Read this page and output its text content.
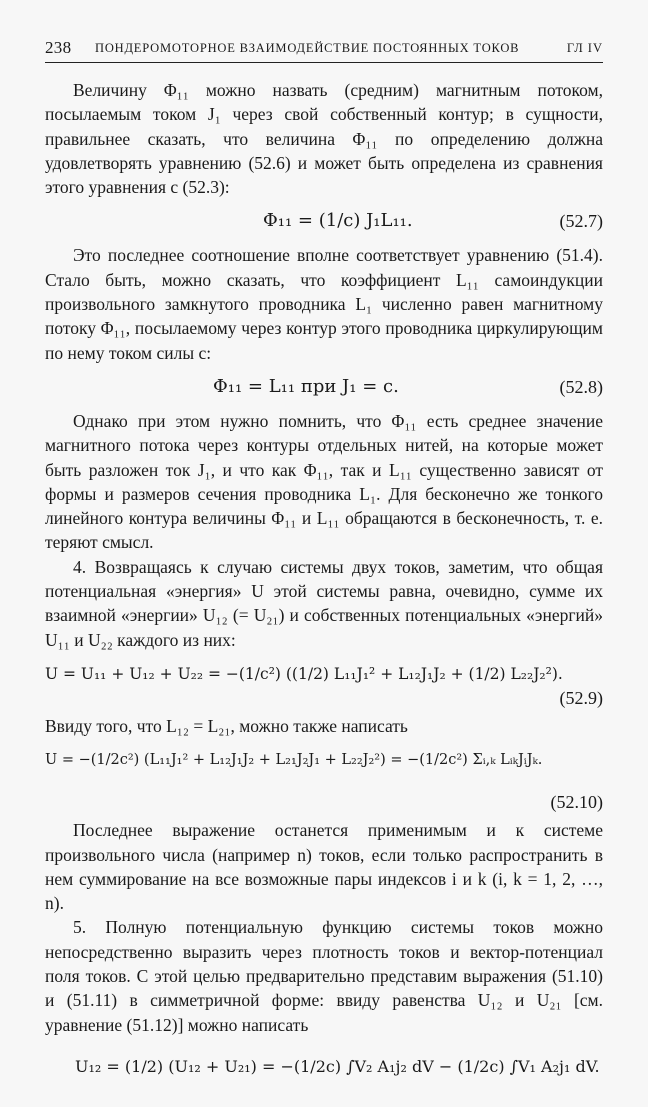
238 ПОНДЕРОМОТОРНОЕ ВЗАИМОДЕЙСТВИЕ ПОСТОЯННЫХ ТОКОВ	ГЛ IV

Величину Φ₁₁ можно назвать (средним) магнитным потоком, посылаемым током J₁ через свой собственный контур; в сущности, правильнее сказать, что величина Φ₁₁ по определению должна удовлетворять уравнению (52.6) и может быть определена из сравнения этого уравнения с (52.3):

Φ₁₁ = (1/c) J₁L₁₁.	(52.7)

Это последнее соотношение вполне соответствует уравнению (51.4). Стало быть, можно сказать, что коэффициент L₁₁ самоиндукции произвольного замкнутого проводника L₁ численно равен магнитному потоку Φ₁₁, посылаемому через контур этого проводника циркулирующим по нему током силы c:

Φ₁₁ = L₁₁ при J₁ = c.	(52.8)

Однако при этом нужно помнить, что Φ₁₁ есть среднее значение магнитного потока через контуры отдельных нитей, на которые может быть разложен ток J₁, и что как Φ₁₁, так и L₁₁ существенно зависят от формы и размеров сечения проводника L₁. Для бесконечно же тонкого линейного контура величины Φ₁₁ и L₁₁ обращаются в бесконечность, т. е. теряют смысл.

4. Возвращаясь к случаю системы двух токов, заметим, что общая потенциальная «энергия» U этой системы равна, очевидно, сумме их взаимной «энергии» U₁₂ (= U₂₁) и собственных потенциальных «энергий» U₁₁ и U₂₂ каждого из них:

U = U₁₁ + U₁₂ + U₂₂ = −(1/c²) ((1/2) L₁₁J₁² + L₁₂J₁J₂ + (1/2) L₂₂J₂²).
(52.9)

Ввиду того, что L₁₂ = L₂₁, можно также написать

U = −(1/2c²) (L₁₁J₁² + L₁₂J₁J₂ + L₂₁J₂J₁ + L₂₂J₂²) = −(1/2c²) Σᵢ,ₖ LᵢₖJᵢJₖ.
(52.10)

Последнее выражение останется применимым и к системе произвольного числа (например n) токов, если только распространить в нем суммирование на все возможные пары индексов i и k (i, k = 1, 2, …, n).

5. Полную потенциальную функцию системы токов можно непосредственно выразить через плотность токов и вектор-потенциал поля токов. С этой целью предварительно представим выражения (51.10) и (51.11) в симметричной форме: ввиду равенства U₁₂ и U₂₁ [см. уравнение (51.12)] можно написать

U₁₂ = (1/2) (U₁₂ + U₂₁) = −(1/2c) ∫V₂ A₁j₂ dV − (1/2c) ∫V₁ A₂j₁ dV.
